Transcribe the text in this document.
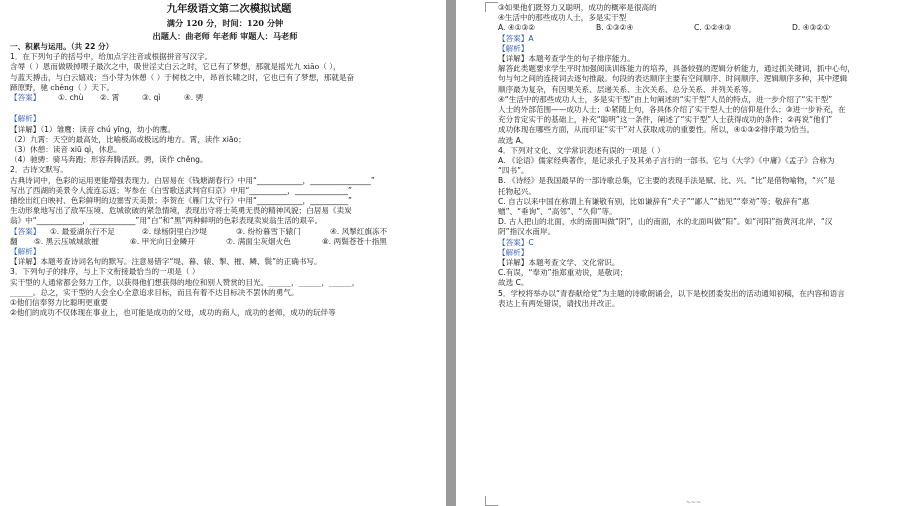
九年级语文第二次模拟试题
满分 120 分，时间：120 分钟
出题人：曲老师 年老师 审题人：马老师
一、积累与运用。（共 22 分）
1．在下列句子的括号中，给加点字注音或根据拼音写汉字。
含辱（ ）恩而做吸掉喂子最次之中，吸世淫丈白云之时，它已有了梦想，那就是摇光九 xiāo（ ），
与蓝天搏击，与白云嬉戏；当小芽为休憩（ ）于树枝之中，昂首长啸之时，它也已有了梦想，那就是奋
蹄原野，驰 chěng（ ）天下。
【答案】	①. chù	②. 霄	③. qì	④. 骋
【解析】
【详解】（1）雏鹰：读音 chú yīng，幼小的鹰。
（2）九霄：天空的最高处，比喻极高或极远的地方。霄，读作 xiāo；
（3）休憩：读音 xiū qì，休息。
（4）驰骋：骑马奔跑；形容奔腾活跃。骋，读作 chěng。
2．古诗文默写。
古典诗词中，色彩的运用更能增强表现力。白居易在《钱塘湖春行》中用“____________，________________”
写出了西湖的美景令人流连忘返；岑参在《白雪歌送武判官归京》中用“__________，______________”
描绘出红白映衬、色彩鲜明的边塞雪天美景；李贺在《雁门太守行》中用“____________，__________”
生动形象地写出了敌军压境、危城欲破的紧急情境，表现出守将士英勇无畏的精神风貌；白居易《卖炭
翁》中“____________，____________”用“白”和“黑”两种鲜明的色彩表现卖炭翁生活的艰辛。
【答案】	①. 最爱湖东行不足	②. 绿杨阴里白沙堤	③. 纷纷暮雪下辕门	④. 风掣红旗冻不
翻	⑤. 黑云压城城欲摧	⑥. 甲光向日金鳞开	⑦. 满面尘灰烟火色	⑧. 两鬓苍苍十指黑
【解析】
【详解】本题考查诗词名句的默写。注意易错字“堤、暮、辕、掣、摧、鳞、鬓”的正确书写。
3．下列句子的排序，与上下文衔接最恰当的一项是（ ）
实干型的人通常都会努力工作，以获得他们想获得的地位和别人赞赏的目光。______，______，______，
______。总之，实干型的人会全心全意追求目标，而且有着不达目标决不罢休的勇气。
①他们信奉努力比聪明更重要
②他们的成功不仅体现在事业上，也可能是成功的父母，成功的商人，成功的老师，成功的玩伴等
③如果他们既努力又聪明，成功的概率是很高的
④生活中的那些成功人士，多是实干型
A. ④①③②	B. ①③②④	C. ①②④③	D. ④③②①
【答案】A
【解析】
【详解】本题考查学生的句子排序能力。
解答此类题要求学生平时加强阅读训练能力的培养，具备较强的逻辑分析能力，通过抓关键词，抓中心句，
句与句之间的连接词去逐句推敲。句段的表达顺序主要有空间顺序、时间顺序、逻辑顺序多种，其中逻辑
顺序最为复杂，有因果关系、层递关系、主次关系、总分关系、并列关系等。
④“生活中的那些成功人士，多是实干型”由上句阐述的“实干型”人员的特点，进一步介绍了“实干型”
人士的外部范围——成功人士；①紧随上句，各具体介绍了实干型人士的信仰是什么；③进一步补充，在
充分肯定实干的基础上，补充“聪明”这一条件，阐述了“实干型”人士获得成功的条件；②再说“他们”
成功体现在哪些方面，从而印证“实干”对人获取成功的重要性。所以，④①③②排序最为恰当。
故选 A。
4．下列对文化、文学常识表述有误的一项是（ ）
A. 《论语》儒家经典著作，是记录孔子及其弟子言行的一部书。它与《大学》《中庸》《孟子》合称为
“四书”。
B. 《诗经》是我国最早的一部诗歌总集，它主要的表现手法是赋、比、兴。“比”是借物喻物，“兴”是
托物起兴。
C. 自古以来中国在称谓上有谦敬有别，比如谦辞有“犬子”“鄙人”“拙见”“奉劝”等；敬辞有“惠
赠”、“垂询”、“高邻”、“久仰”等。
D. 古人把山的北面，水的南面叫做“阴”，山的南面，水的北面叫做“阳”。如“河阳”指黄河北岸，“汉
阴”指汉水南岸。
【答案】C
【解析】
【详解】本题考查文学、文化常识。
C.有误，“奉劝”指郑重劝说，是敬词；
故选 C。
5．学校将举办以“青春献给党”为主题的诗歌朗诵会，以下是校团委发出的活动通知初稿，在内容和语言
表达上有两处错误，请找出并改正。
~~~
